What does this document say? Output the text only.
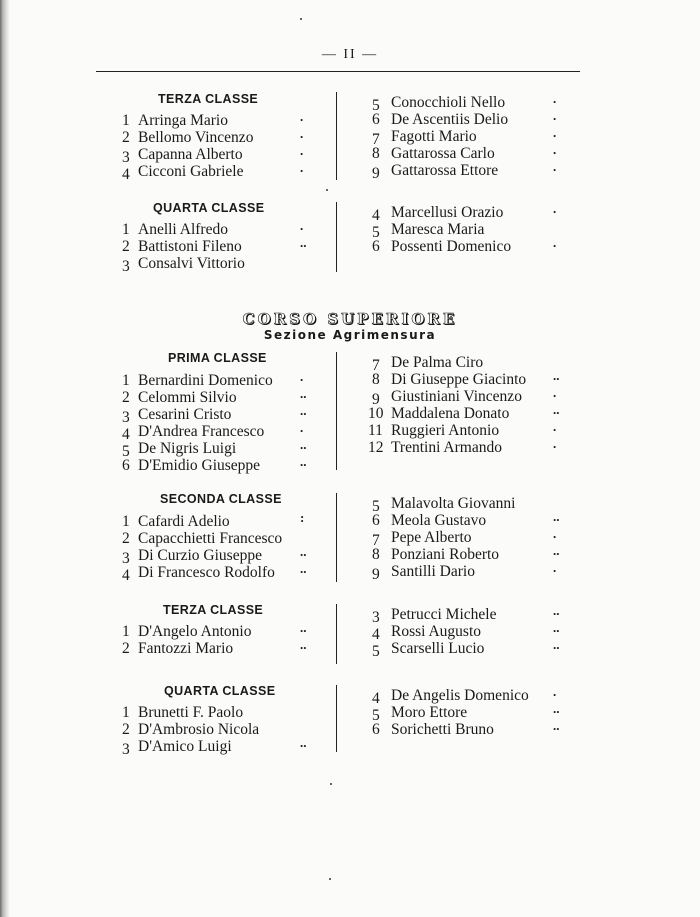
— II —
CORSO SUPERIORE
Sezione Agrimensura
TERZA CLASSE
1 Arringa Mario	.
2 Bellomo Vincenzo	.
3 Capanna Alberto	.
4 Cicconi Gabriele	.
5 Conocchioli Nello	.
6 De Ascentiis Delio	.
7 Fagotti Mario	.
8 Gattarossa Carlo	.
9 Gattarossa Ettore	.
QUARTA CLASSE
1 Anelli Alfredo	.
2 Battistoni Fileno	..
3 Consalvi Vittorio
4 Marcellusi Orazio	.
5 Maresca Maria
6 Possenti Domenico	.
PRIMA CLASSE
1 Bernardini Domenico .
2 Celommi Silvio	..
3 Cesarini Cristo	..
4 D'Andrea Francesco	.
5 De Nigris Luigi	..
6 D'Emidio Giuseppe	..
7 De Palma Ciro
8 Di Giuseppe Giacinto ..
9 Giustiniani Vincenzo .
10 Maddalena Donato	..
11 Ruggieri Antonio	.
12 Trentini Armando	.
SECONDA CLASSE
1 Cafardi Adelio	:
2 Capacchietti Francesco
3 Di Curzio Giuseppe	..
4 Di Francesco Rodolfo ..
5 Malavolta Giovanni
6 Meola Gustavo	..
7 Pepe Alberto	.
8 Ponziani Roberto	..
9 Santilli Dario	.
TERZA CLASSE
1 D'Angelo Antonio	..
2 Fantozzi Mario	..
3 Petrucci Michele	..
4 Rossi Augusto	..
5 Scarselli Lucio	..
QUARTA CLASSE
1 Brunetti F. Paolo
2 D'Ambrosio Nicola
3 D'Amico Luigi	..
4 De Angelis Domenico .
5 Moro Ettore	..
6 Sorichetti Bruno	..
